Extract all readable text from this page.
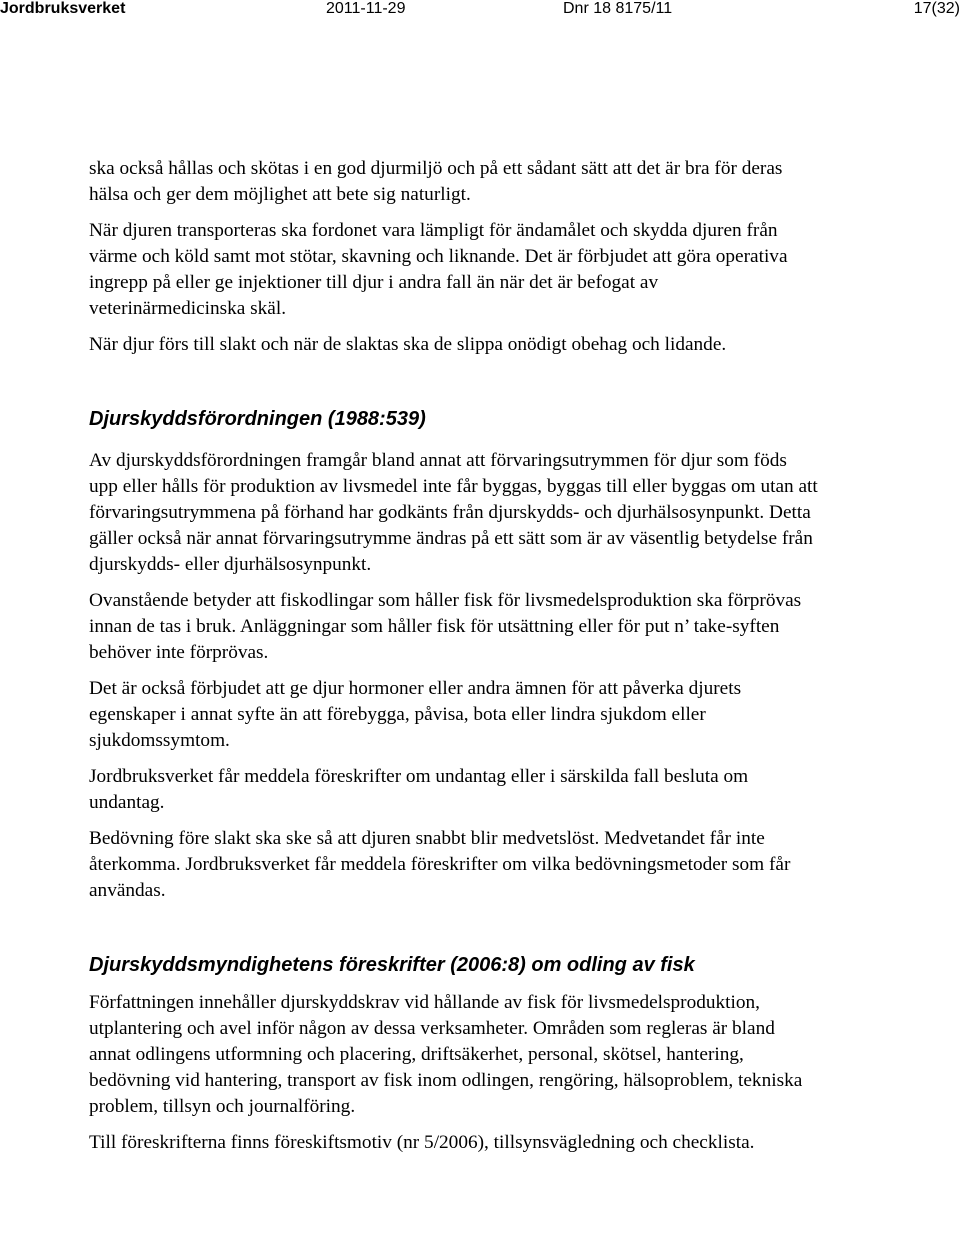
Jordbruksverket	2011-11-29	Dnr 18 8175/11	17(32)

ska också hållas och skötas i en god djurmiljö och på ett sådant sätt att det är bra för deras hälsa och ger dem möjlighet att bete sig naturligt.

När djuren transporteras ska fordonet vara lämpligt för ändamålet och skydda djuren från värme och köld samt mot stötar, skavning och liknande. Det är förbjudet att göra operativa ingrepp på eller ge injektioner till djur i andra fall än när det är befogat av veterinärmedicinska skäl.

När djur förs till slakt och när de slaktas ska de slippa onödigt obehag och lidande.

Djurskyddsförordningen (1988:539)

Av djurskyddsförordningen framgår bland annat att förvaringsutrymmen för djur som föds upp eller hålls för produktion av livsmedel inte får byggas, byggas till eller byggas om utan att förvaringsutrymmena på förhand har godkänts från djurskydds- och djurhälsosynpunkt. Detta gäller också när annat förvaringsutrymme ändras på ett sätt som är av väsentlig betydelse från djurskydds- eller djurhälsosynpunkt.

Ovanstående betyder att fiskodlingar som håller fisk för livsmedelsproduktion ska förprövas innan de tas i bruk. Anläggningar som håller fisk för utsättning eller för put n’ take-syften behöver inte förprövas.

Det är också förbjudet att ge djur hormoner eller andra ämnen för att påverka djurets egenskaper i annat syfte än att förebygga, påvisa, bota eller lindra sjukdom eller sjukdomssymtom.

Jordbruksverket får meddela föreskrifter om undantag eller i särskilda fall besluta om undantag.

Bedövning före slakt ska ske så att djuren snabbt blir medvetslöst. Medvetandet får inte återkomma. Jordbruksverket får meddela föreskrifter om vilka bedövningsmetoder som får användas.

Djurskyddsmyndighetens föreskrifter (2006:8) om odling av fisk

Författningen innehåller djurskyddskrav vid hållande av fisk för livsmedelsproduktion, utplantering och avel inför någon av dessa verksamheter. Områden som regleras är bland annat odlingens utformning och placering, driftsäkerhet, personal, skötsel, hantering, bedövning vid hantering, transport av fisk inom odlingen, rengöring, hälsoproblem, tekniska problem, tillsyn och journalföring.

Till föreskrifterna finns föreskiftsmotiv (nr 5/2006), tillsynsvägledning och checklista.
